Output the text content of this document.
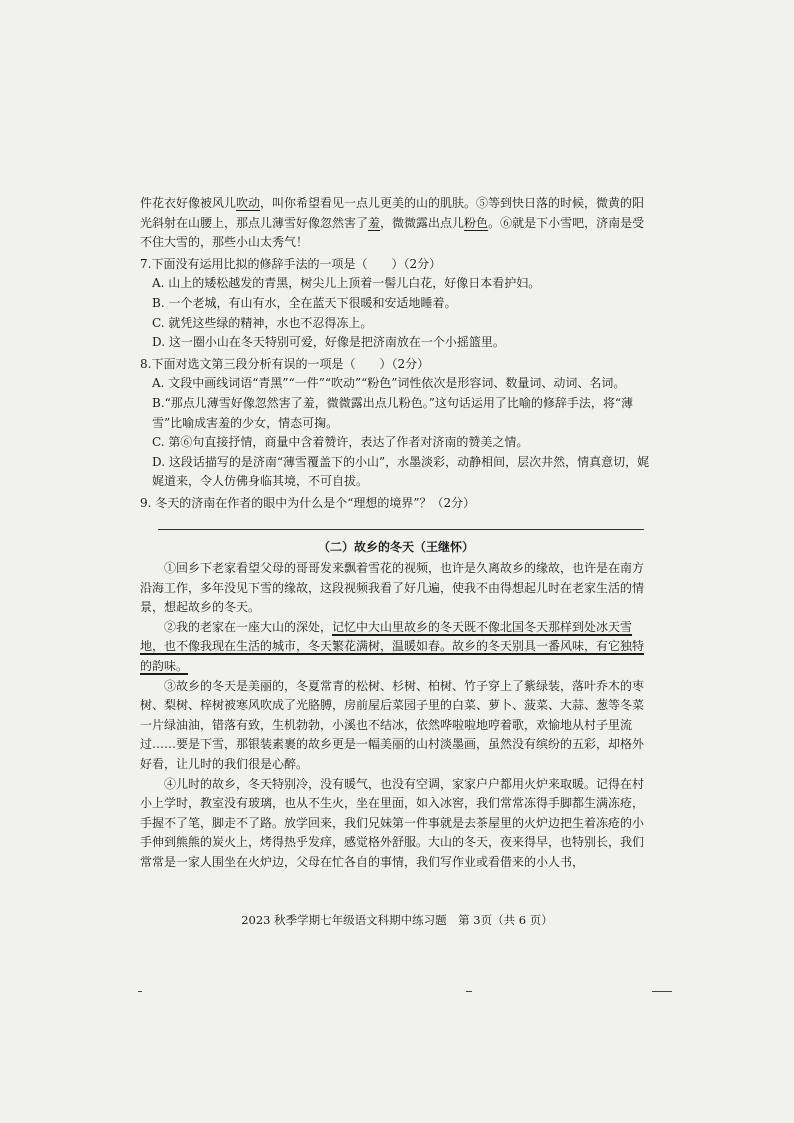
件花衣好像被风儿吹动，叫你希望看见一点儿更美的山的肌肤。⑤等到快日落的时候，微黄的阳光斜射在山腰上，那点儿薄雪好像忽然害了羞，微微露出点儿粉色。⑥就是下小雪吧，济南是受不住大雪的，那些小山太秀气！
7.下面没有运用比拟的修辞手法的一项是（　　）（2分）
A. 山上的矮松越发的青黑，树尖儿上顶着一髻儿白花，好像日本看护妇。
B. 一个老城，有山有水，全在蓝天下很暖和安适地睡着。
C. 就凭这些绿的精神，水也不忍得冻上。
D. 这一圈小山在冬天特别可爱，好像是把济南放在一个小摇篮里。
8.下面对选文第三段分析有误的一项是（　　）（2分）
A. 文段中画线词语“青黑”“一件”“吹动”“粉色”词性依次是形容词、数量词、动词、名词。
B.“那点儿薄雪好像忽然害了羞，微微露出点儿粉色。”这句话运用了比喻的修辞手法，将“薄雪”比喻成害羞的少女，情态可掬。
C. 第⑥句直接抒情，商量中含着赞许，表达了作者对济南的赞美之情。
D. 这段话描写的是济南“薄雪覆盖下的小山”，水墨淡彩，动静相间，层次井然，情真意切，娓娓道来，令人仿佛身临其境，不可自拔。
9. 冬天的济南在作者的眼中为什么是个“理想的境界”？（2分）
（二）故乡的冬天（王继怀）
①回乡下老家看望父母的哥哥发来飘着雪花的视频，也许是久离故乡的缘故，也许是在南方沿海工作，多年没见下雪的缘故，这段视频我看了好几遍，使我不由得想起儿时在老家生活的情景，想起故乡的冬天。
②我的老家在一座大山的深处，记忆中大山里故乡的冬天既不像北国冬天那样到处冰天雪地，也不像我现在生活的城市，冬天繁花满树，温暖如春。故乡的冬天别具一番风味，有它独特的韵味。
③故乡的冬天是美丽的，冬夏常青的松树、杉树、柏树、竹子穿上了紫绿装，落叶乔木的枣树、梨树、梓树被寒风吹成了光胳膊，房前屋后菜园子里的白菜、萝卜、菠菜、大蒜、葱等冬菜一片绿油油，错落有致，生机勃勃，小溪也不结冰，依然哗啦啦地哼着歌，欢愉地从村子里流过……要是下雪，那银装素裹的故乡更是一幅美丽的山村淡墨画，虽然没有缤纷的五彩，却格外好看，让儿时的我们很是心醉。
④儿时的故乡，冬天特别冷，没有暖气，也没有空调，家家户户都用火炉来取暖。记得在村小上学时，教室没有玻璃，也从不生火，坐在里面，如入冰窖，我们常常冻得手脚都生满冻疮，手握不了笔，脚走不了路。放学回来，我们兄妹第一件事就是去茶屋里的火炉边把生着冻疮的小手伸到熊熊的炭火上，烤得热乎发痒，感觉格外舒服。大山的冬天，夜来得早，也特别长，我们常常是一家人围坐在火炉边，父母在忙各自的事情，我们写作业或看借来的小人书，
2023 秋季学期七年级语文科期中练习题　第 3页（共 6 页）
